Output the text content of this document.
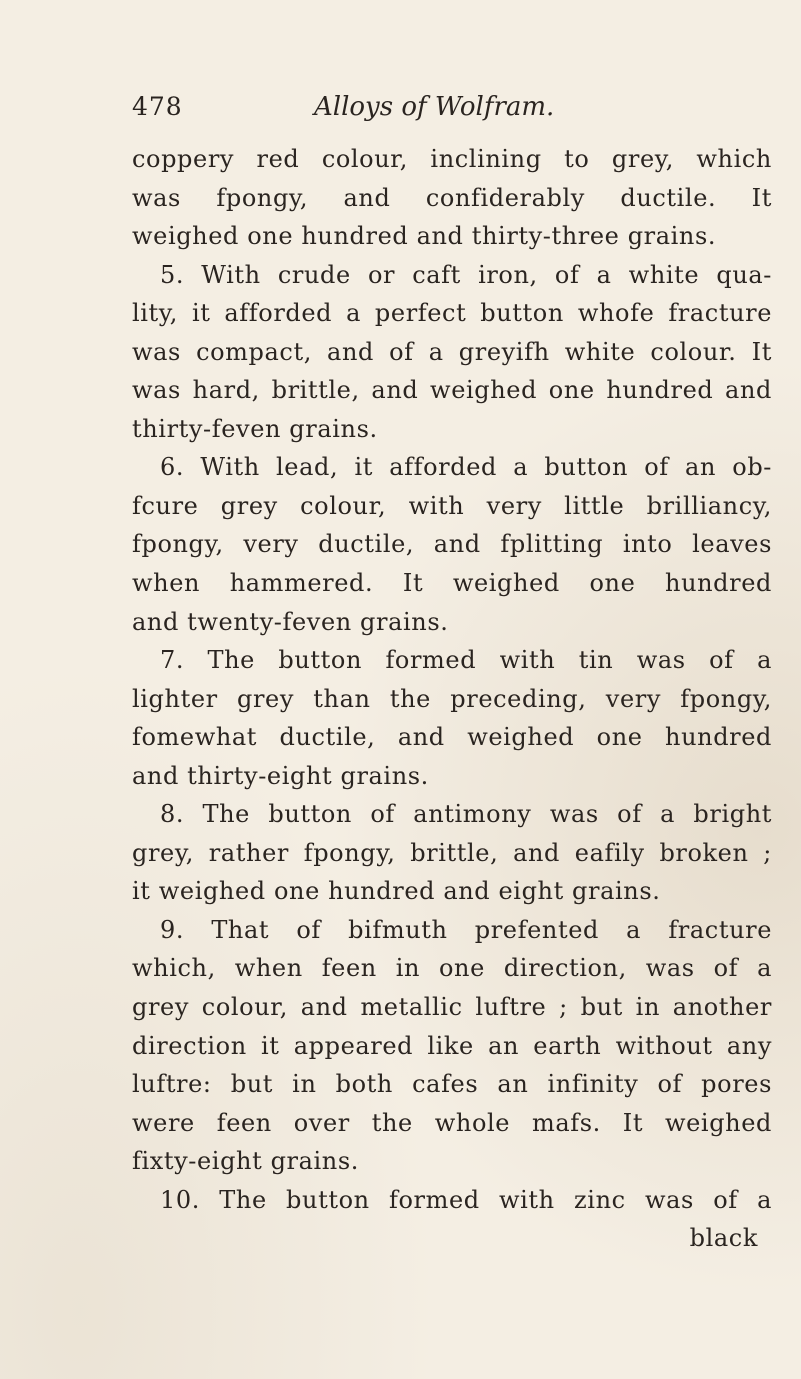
478	Alloys of Wolfram.
coppery red colour, inclining to grey, which
was fpongy, and confiderably ductile. It
weighed one hundred and thirty-three grains.
5. With crude or caft iron, of a white qua-
lity, it afforded a perfect button whofe fracture
was compact, and of a greyifh white colour. It
was hard, brittle, and weighed one hundred and
thirty-feven grains.
6. With lead, it afforded a button of an ob-
fcure grey colour, with very little brilliancy,
fpongy, very ductile, and fplitting into leaves
when hammered. It weighed one hundred
and twenty-feven grains.
7. The button formed with tin was of a
lighter grey than the preceding, very fpongy,
fomewhat ductile, and weighed one hundred
and thirty-eight grains.
8. The button of antimony was of a bright
grey, rather fpongy, brittle, and eafily broken ;
it weighed one hundred and eight grains.
9. That of bifmuth prefented a fracture
which, when feen in one direction, was of a
grey colour, and metallic luftre ; but in another
direction it appeared like an earth without any
luftre: but in both cafes an infinity of pores
were feen over the whole mafs. It weighed
fixty-eight grains.
10. The button formed with zinc was of a
black
